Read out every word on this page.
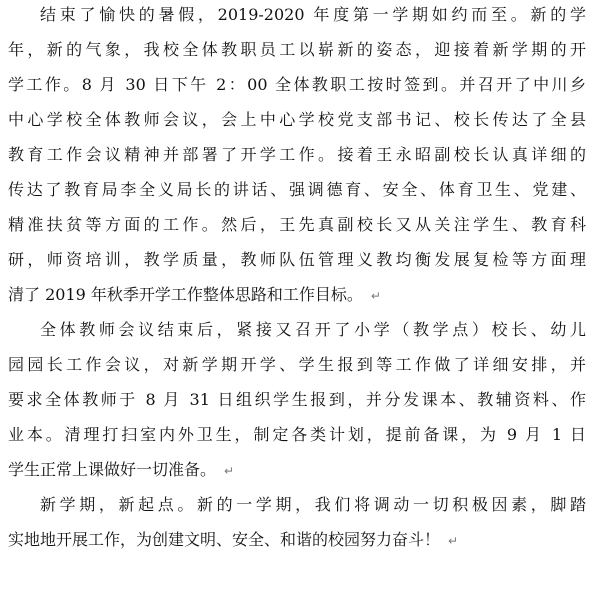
结束了愉快的暑假，2019-2020 年度第一学期如约而至。新的学
年，新的气象，我校全体教职员工以崭新的姿态，迎接着新学期的开
学工作。8 月 30 日下午 2：00 全体教职工按时签到。并召开了中川乡
中心学校全体教师会议，会上中心学校党支部书记、校长传达了全县
教育工作会议精神并部署了开学工作。接着王永昭副校长认真详细的
传达了教育局李全义局长的讲话、强调德育、安全、体育卫生、党建、
精准扶贫等方面的工作。然后，王先真副校长又从关注学生、教育科
研，师资培训，教学质量，教师队伍管理义教均衡发展复检等方面理
清了 2019 年秋季开学工作整体思路和工作目标。 ↵
全体教师会议结束后，紧接又召开了小学（教学点）校长、幼儿
园园长工作会议，对新学期开学、学生报到等工作做了详细安排，并
要求全体教师于 8 月 31 日组织学生报到，并分发课本、教辅资料、作
业本。清理打扫室内外卫生，制定各类计划，提前备课，为 9 月 1 日
学生正常上课做好一切准备。 ↵
新学期，新起点。新的一学期，我们将调动一切积极因素，脚踏
实地地开展工作，为创建文明、安全、和谐的校园努力奋斗！ ↵
